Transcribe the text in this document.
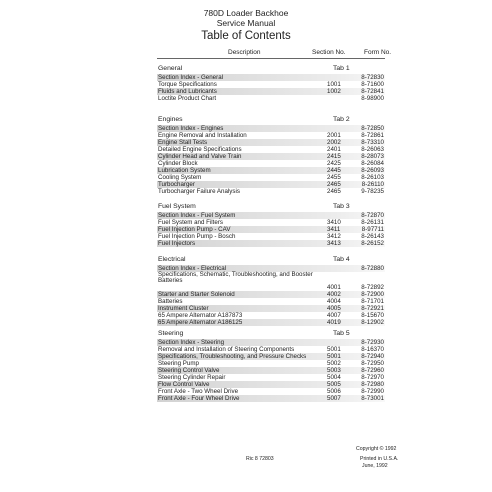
780D Loader Backhoe
Service Manual
Table of Contents
Description	Section No.	Form No.
General	Tab 1
Section Index - General	8-72830
Torque Specifications	1001	8-71600
Fluids and Lubricants	1002	8-72841
Loctite Product Chart	8-98900
Engines	Tab 2
Section Index - Engines	8-72850
Engine Removal and Installation	2001	8-72861
Engine Stall Tests	2002	8-73310
Detailed Engine Specifications	2401	8-26063
Cylinder Head and Valve Train	2415	8-28073
Cylinder Block	2425	8-26084
Lubrication System	2445	8-26093
Cooling System	2455	8-26103
Turbocharger	2465	8-26110
Turbocharger Failure Analysis	2465	9-78235
Fuel System	Tab 3
Section Index - Fuel System	8-72870
Fuel System and Filters	3410	8-26131
Fuel Injection Pump - CAV	3411	8-97711
Fuel Injection Pump - Bosch	3412	8-26143
Fuel Injectors	3413	8-26152
Electrical	Tab 4
Section Index - Electrical	8-72880
Specifications, Schematic, Troubleshooting, and Booster Batteries
4001	8-72892
Starter and Starter Solenoid	4002	8-72900
Batteries	4004	8-71701
Instrument Cluster	4005	8-72921
65 Ampere Alternator A187873	4007	8-15670
65 Ampere Alternator A186125	4019	8-12902
Steering	Tab 5
Section Index - Steering	8-72930
Removal and Installation of Steering Components	5001	8-16370
Specifications, Troubleshooting, and Pressure Checks	5001	8-72940
Steering Pump	5002	8-72950
Steering Control Valve	5003	8-72960
Steering Cylinder Repair	5004	8-72970
Flow Control Valve	5005	8-72980
Front Axle - Two Wheel Drive	5006	8-72990
Front Axle - Four Wheel Drive	5007	8-73001
Copyright © 1992
Printed in U.S.A.
June, 1992
Ric 8 72803
